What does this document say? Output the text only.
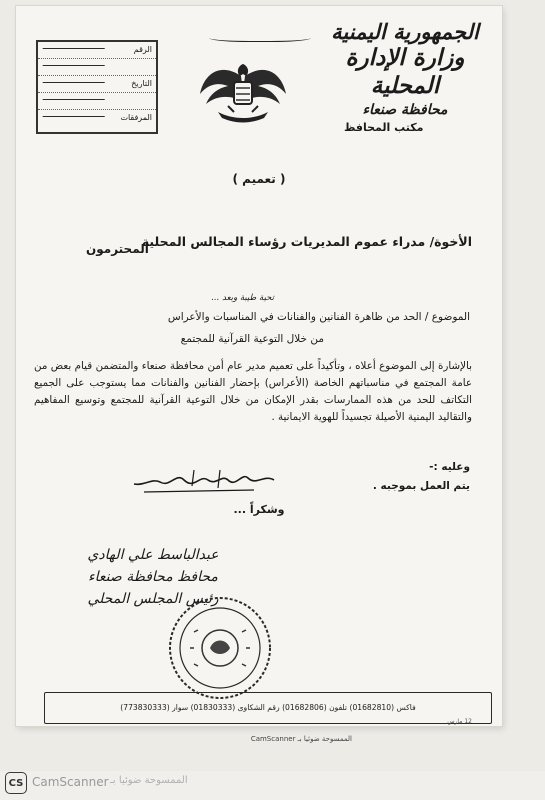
الجمهورية اليمنية
وزارة الإدارة المحلية
محافظة صنعاء
مكتب المحافظ
الرقم
التاريخ
المرفقات
( تعميم )
الأخوة/ مدراء عموم المديريات رؤساء المجالس المحلية
المحترمون
تحية طيبة وبعد ...
الموضوع / الحد من ظاهرة الفنانين والفنانات في المناسبات والأعراس
من خلال التوعية القرآنية للمجتمع
بالإشارة إلى الموضوع أعلاه ، وتأكيداً على تعميم مدير عام أمن محافظة صنعاء والمتضمن قيام بعض من عامة المجتمع في مناسباتهم الخاصة (الأعراس) بإحضار الفنانين والفنانات مما يستوجب على الجميع التكاتف للحد من هذه الممارسات بقدر الإمكان من خلال التوعية القرآنية للمجتمع وتوسيع المفاهيم والتقاليد اليمنية الأصيلة تجسيداً للهوية الايمانية .
وعليه :-
يتم العمل بموجبه .
وشكراً ...
عبدالباسط علي الهادي
محافظ محافظة صنعاء
رئيس المجلس المحلي
فاكس (01682810) تلفون (01682806) رقم الشكاوى (01830333) سوار (773830333)
12 مارس
الممسوحة ضوئيا بـ CamScanner
CS CamScanner الممسوحة ضوئيا بـ
